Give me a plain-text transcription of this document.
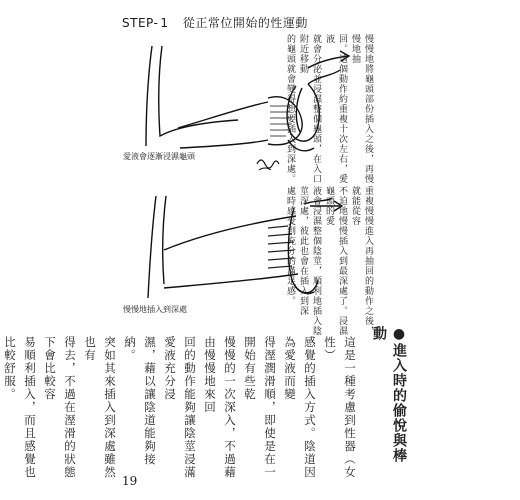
STEP- 1 從正常位開始的性運動
愛液會逐漸浸濕龜頭
慢慢地插入到深處
慢慢地將龜頭部份插入之後，再慢慢地抽
回。這個動作約重複十次左右，愛液
就會分泌並浸濕整個龜頭，在入口附近移動
的龜頭就會變得想要插入到深處。
重複慢慢進入再抽回的動作之後，就能從容
不迫地慢慢插入到最深處了。浸濕龜頭的愛
液會浸濕整個陰莖，順利地插入陰莖深處，彼此也會在插入到深
處時感受到充分的滿足感。
●進入時的偷悅與棒動
這是一種考慮到性器（女性）
感覺的插入方式。陰道因為愛液而變
得溼潤滑順，即使是在一開始有些乾
慢慢的一次深入，不過藉由慢慢地來回
回的動作能夠讓陰莖浸滿愛液充分浸
濕，藉以讓陰道能夠接納。
突如其來插入到深處雖然也有
得去，不過在溼滑的狀態下會比較容
易順利插入，而且感覺也比較舒服。
19
